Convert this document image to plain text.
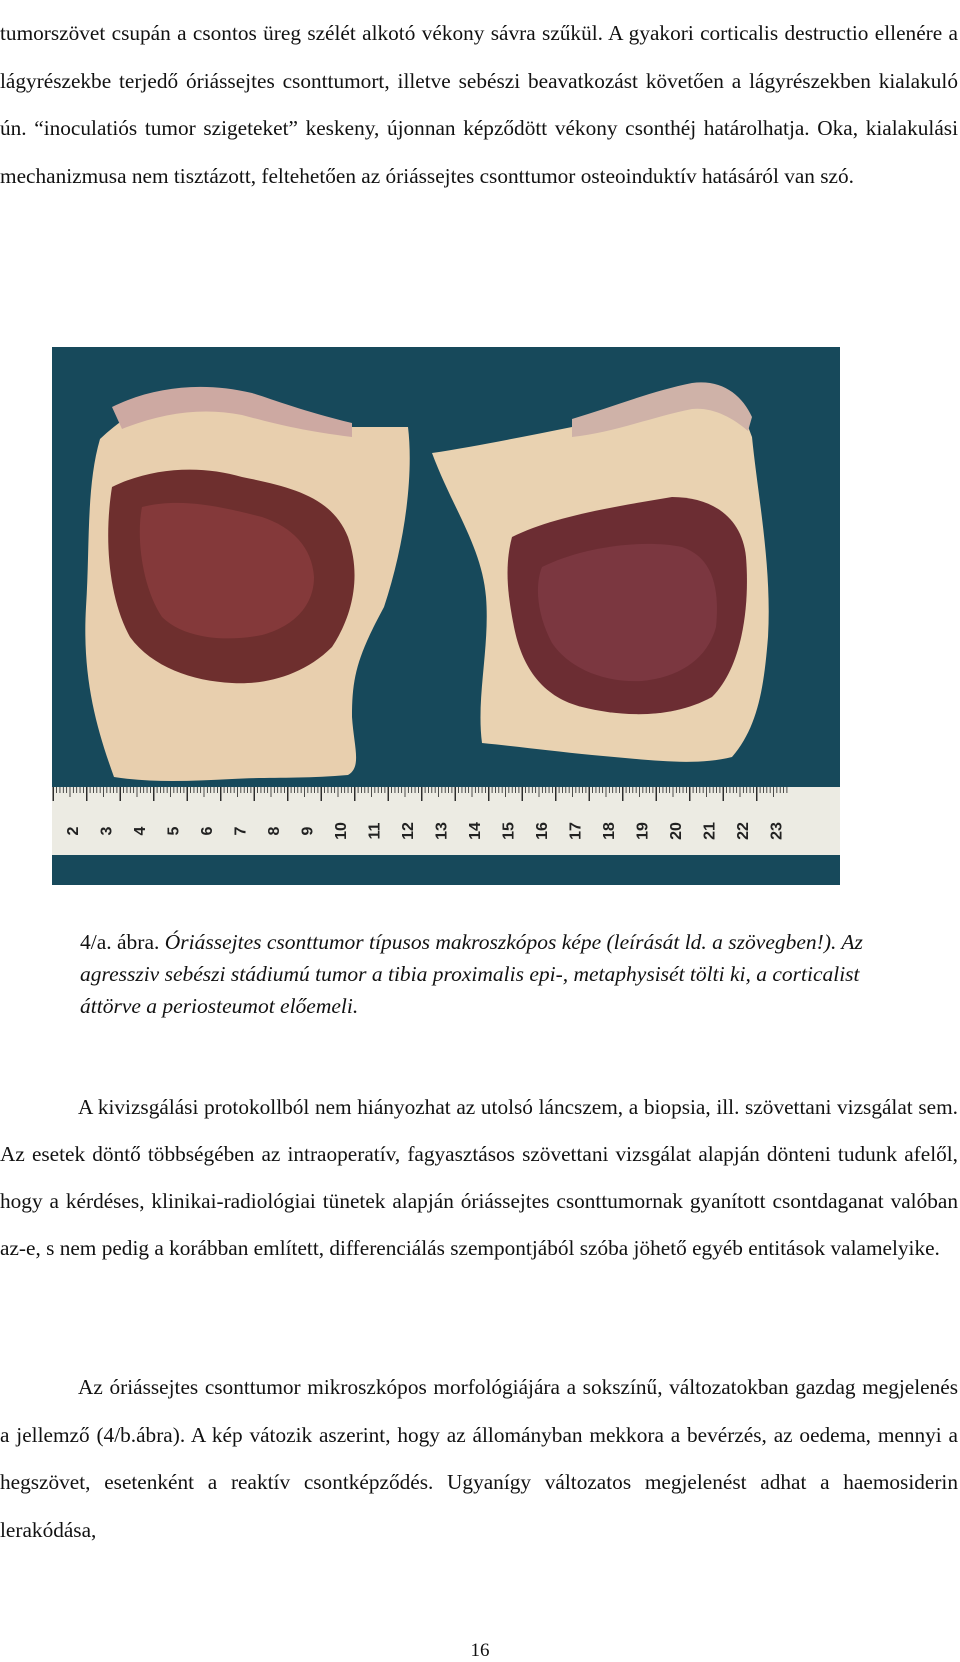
tumorszövet csupán a csontos üreg szélét alkotó vékony sávra szűkül. A gyakori corticalis destructio ellenére a lágyrészekbe terjedő óriássejtes csonttumort, illetve sebészi beavatkozást követően a lágyrészekben kialakuló ún. “inoculatiós tumor szigeteket” keskeny, újonnan képződött vékony csonthéj határolhatja. Oka, kialakulási mechanizmusa nem tisztázott, feltehetően az óriássejtes csonttumor osteoinduktív hatásáról van szó.

2 3 4 5 6 7 8 9 10 11 12 13 14 15 16 17 18 19 20 21 22 23
4/a. ábra. Óriássejtes csonttumor típusos makroszkópos képe (leírását ld. a szövegben!). Az agressziv sebészi stádiumú tumor a tibia proximalis epi-, metaphysisét tölti ki, a corticalist áttörve a periosteumot előemeli.

A kivizsgálási protokollból nem hiányozhat az utolsó láncszem, a biopsia, ill. szövettani vizsgálat sem. Az esetek döntő többségében az intraoperatív, fagyasztásos szövettani vizsgálat alapján dönteni tudunk afelől, hogy a kérdéses, klinikai-radiológiai tünetek alapján óriássejtes csonttumornak gyanított csontdaganat valóban az-e, s nem pedig a korábban említett, differenciálás szempontjából szóba jöhető egyéb entitások valamelyike.

Az óriássejtes csonttumor mikroszkópos morfológiájára a sokszínű, változatokban gazdag megjelenés a jellemző (4/b.ábra). A kép vátozik aszerint, hogy az állományban mekkora a bevérzés, az oedema, mennyi a hegszövet, esetenként a reaktív csontképződés. Ugyanígy változatos megjelenést adhat a haemosiderin lerakódása,

16
